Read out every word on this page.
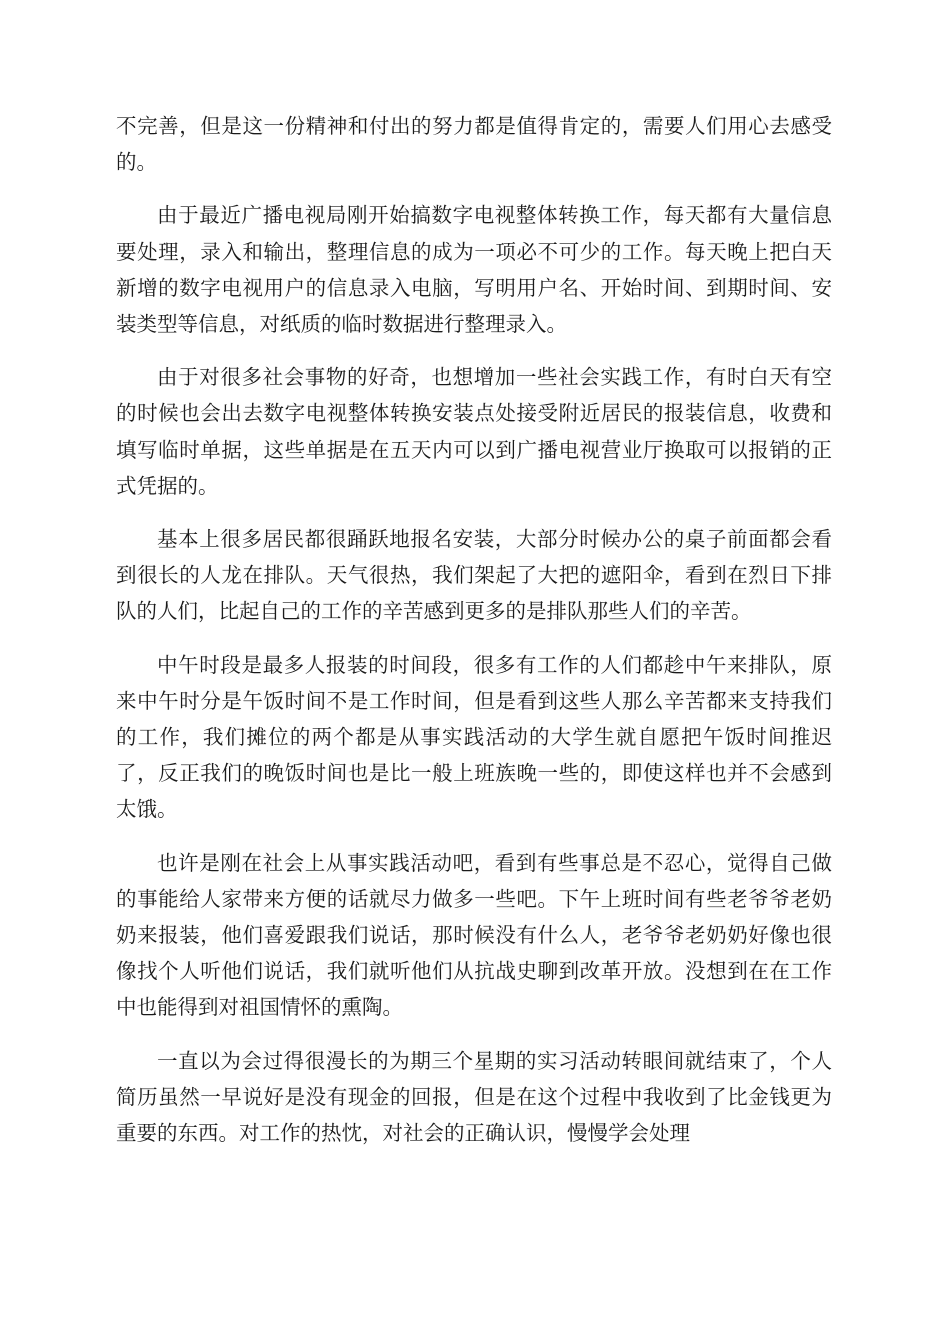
不完善，但是这一份精神和付出的努力都是值得肯定的，需要人们用心去感受的。

由于最近广播电视局刚开始搞数字电视整体转换工作，每天都有大量信息要处理，录入和输出，整理信息的成为一项必不可少的工作。每天晚上把白天新增的数字电视用户的信息录入电脑，写明用户名、开始时间、到期时间、安装类型等信息，对纸质的临时数据进行整理录入。

由于对很多社会事物的好奇，也想增加一些社会实践工作，有时白天有空的时候也会出去数字电视整体转换安装点处接受附近居民的报装信息，收费和填写临时单据，这些单据是在五天内可以到广播电视营业厅换取可以报销的正式凭据的。

基本上很多居民都很踊跃地报名安装，大部分时候办公的桌子前面都会看到很长的人龙在排队。天气很热，我们架起了大把的遮阳伞，看到在烈日下排队的人们，比起自己的工作的辛苦感到更多的是排队那些人们的辛苦。

中午时段是最多人报装的时间段，很多有工作的人们都趁中午来排队，原来中午时分是午饭时间不是工作时间，但是看到这些人那么辛苦都来支持我们的工作，我们摊位的两个都是从事实践活动的大学生就自愿把午饭时间推迟了，反正我们的晚饭时间也是比一般上班族晚一些的，即使这样也并不会感到太饿。

也许是刚在社会上从事实践活动吧，看到有些事总是不忍心，觉得自己做的事能给人家带来方便的话就尽力做多一些吧。下午上班时间有些老爷爷老奶奶来报装，他们喜爱跟我们说话，那时候没有什么人，老爷爷老奶奶好像也很像找个人听他们说话，我们就听他们从抗战史聊到改革开放。没想到在在工作中也能得到对祖国情怀的熏陶。

一直以为会过得很漫长的为期三个星期的实习活动转眼间就结束了，个人简历虽然一早说好是没有现金的回报，但是在这个过程中我收到了比金钱更为重要的东西。对工作的热忱，对社会的正确认识，慢慢学会处理
